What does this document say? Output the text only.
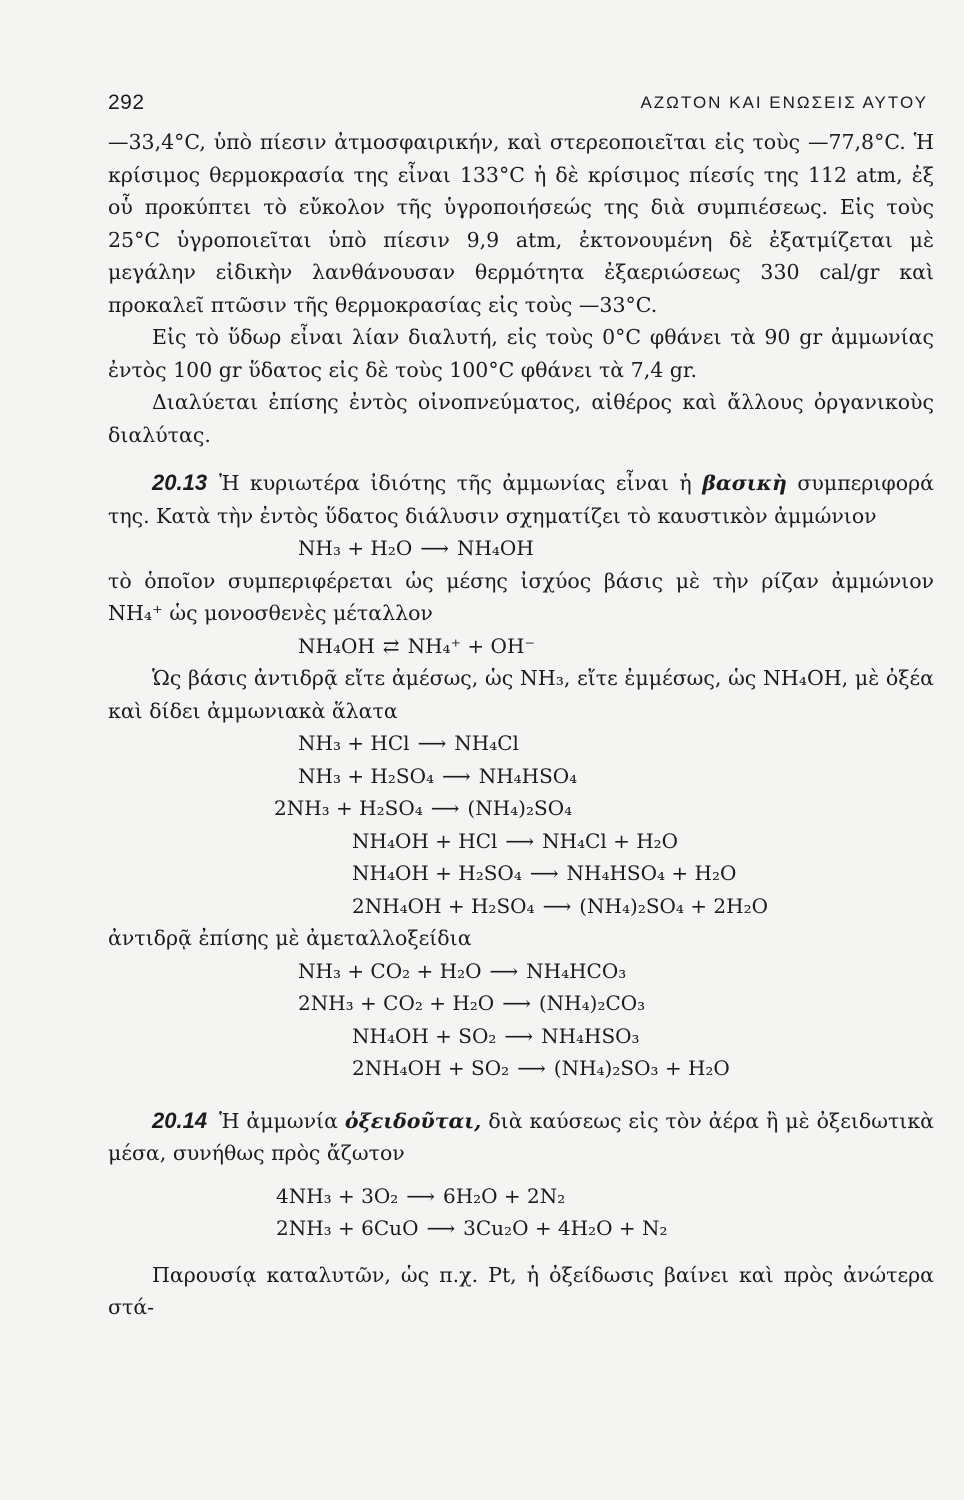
292	ΑΖΩΤΟΝ ΚΑΙ ΕΝΩΣΕΙΣ ΑΥΤΟΥ

—33,4°C, ὑπὸ πίεσιν ἀτμοσφαιρικήν, καὶ στερεοποιεῖται εἰς τοὺς —77,8°C. Ἡ κρίσιμος θερμοκρασία της εἶναι 133°C ἡ δὲ κρίσιμος πίεσίς της 112 atm, ἐξ οὗ προκύπτει τὸ εὔκολον τῆς ὑγροποιήσεώς της διὰ συμπιέσεως. Εἰς τοὺς 25°C ὑγροποιεῖται ὑπὸ πίεσιν 9,9 atm, ἐκτονουμένη δὲ ἐξατμίζεται μὲ μεγάλην εἰδικὴν λανθάνουσαν θερμότητα ἐξαεριώσεως 330 cal/gr καὶ προκαλεῖ πτῶσιν τῆς θερμοκρασίας εἰς τοὺς —33°C.

Εἰς τὸ ὕδωρ εἶναι λίαν διαλυτή, εἰς τοὺς 0°C φθάνει τὰ 90 gr ἀμμωνίας ἐντὸς 100 gr ὕδατος εἰς δὲ τοὺς 100°C φθάνει τὰ 7,4 gr.

Διαλύεται ἐπίσης ἐντὸς οἰνοπνεύματος, αἰθέρος καὶ ἄλλους ὀργανικοὺς διαλύτας.

20.13 Ἡ κυριωτέρα ἰδιότης τῆς ἀμμωνίας εἶναι ἡ βασικὴ συμπεριφορά της. Κατὰ τὴν ἐντὸς ὕδατος διάλυσιν σχηματίζει τὸ καυστικὸν ἀμμώνιον

NH₃ + H₂O ⟶ NH₄OH

τὸ ὁποῖον συμπεριφέρεται ὡς μέσης ἰσχύος βάσις μὲ τὴν ρίζαν ἀμμώνιον NH₄⁺ ὡς μονοσθενὲς μέταλλον

NH₄OH ⇄ NH₄⁺ + OH⁻

Ὡς βάσις ἀντιδρᾷ εἴτε ἀμέσως, ὡς NH₃, εἴτε ἐμμέσως, ὡς NH₄OH, μὲ ὀξέα καὶ δίδει ἀμμωνιακὰ ἅλατα

NH₃ + HCl ⟶ NH₄Cl
NH₃ + H₂SO₄ ⟶ NH₄HSO₄
2NH₃ + H₂SO₄ ⟶ (NH₄)₂SO₄
NH₄OH + HCl ⟶ NH₄Cl + H₂O
NH₄OH + H₂SO₄ ⟶ NH₄HSO₄ + H₂O
2NH₄OH + H₂SO₄ ⟶ (NH₄)₂SO₄ + 2H₂O

ἀντιδρᾷ ἐπίσης μὲ ἀμεταλλοξείδια

NH₃ + CO₂ + H₂O ⟶ NH₄HCO₃
2NH₃ + CO₂ + H₂O ⟶ (NH₄)₂CO₃
NH₄OH + SO₂ ⟶ NH₄HSO₃
2NH₄OH + SO₂ ⟶ (NH₄)₂SO₃ + H₂O

20.14 Ἡ ἀμμωνία ὀξειδοῦται, διὰ καύσεως εἰς τὸν ἀέρα ἢ μὲ ὀξειδωτικὰ μέσα, συνήθως πρὸς ἄζωτον

4NH₃ + 3O₂ ⟶ 6H₂O + 2N₂
2NH₃ + 6CuO ⟶ 3Cu₂O + 4H₂O + N₂

Παρουσίᾳ καταλυτῶν, ὡς π.χ. Pt, ἡ ὀξείδωσις βαίνει καὶ πρὸς ἀνώτερα στά-
